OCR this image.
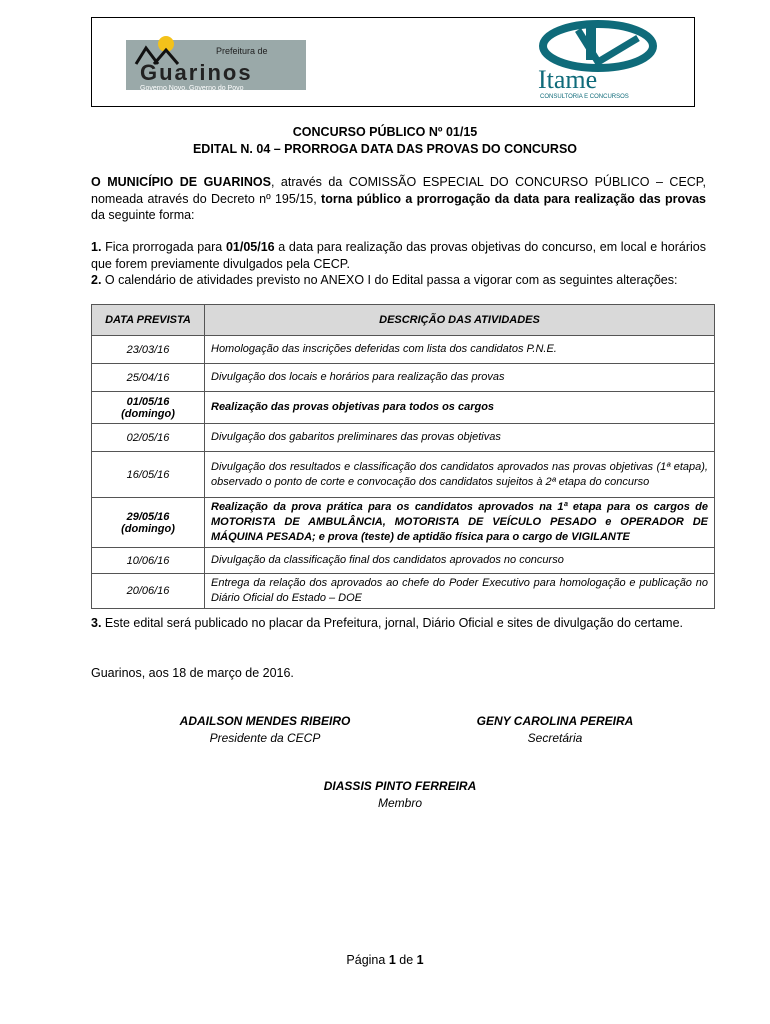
Prefeitura de
Guarinos
Governo Novo. Governo do Povo	Itame
CONSULTORIA E CONCURSOS
CONCURSO PÚBLICO Nº 01/15
EDITAL N. 04 – PRORROGA DATA DAS PROVAS DO CONCURSO
O MUNICÍPIO DE GUARINOS, através da COMISSÃO ESPECIAL DO CONCURSO PÚBLICO – CECP, nomeada através do Decreto nº 195/15, torna público a prorrogação da data para realização das provas da seguinte forma:
1. Fica prorrogada para 01/05/16 a data para realização das provas objetivas do concurso, em local e horários que forem previamente divulgados pela CECP.
2. O calendário de atividades previsto no ANEXO I do Edital passa a vigorar com as seguintes alterações:
DATA PREVISTA	DESCRIÇÃO DAS ATIVIDADES
23/03/16	Homologação das inscrições deferidas com lista dos candidatos P.N.E.
25/04/16	Divulgação dos locais e horários para realização das provas

01/05/16
(domingo)	Realização das provas objetivas para todos os cargos
02/05/16	Divulgação dos gabaritos preliminares das provas objetivas
16/05/16	Divulgação dos resultados e classificação dos candidatos aprovados nas provas objetivas (1ª etapa), observado o ponto de corte e convocação dos candidatos sujeitos à 2ª etapa do concurso

29/05/16
(domingo)	Realização da prova prática para os candidatos aprovados na 1ª etapa para os cargos de MOTORISTA DE AMBULÂNCIA, MOTORISTA DE VEÍCULO PESADO e OPERADOR DE MÁQUINA PESADA; e prova (teste) de aptidão física para o cargo de VIGILANTE
10/06/16	Divulgação da classificação final dos candidatos aprovados no concurso
20/06/16	Entrega da relação dos aprovados ao chefe do Poder Executivo para homologação e publicação no Diário Oficial do Estado – DOE
3. Este edital será publicado no placar da Prefeitura, jornal, Diário Oficial e sites de divulgação do certame.
Guarinos, aos 18 de março de 2016.
ADAILSON MENDES RIBEIRO
Presidente da CECP
GENY CAROLINA PEREIRA
Secretária
DIASSIS PINTO FERREIRA
Membro
Página 1 de 1
